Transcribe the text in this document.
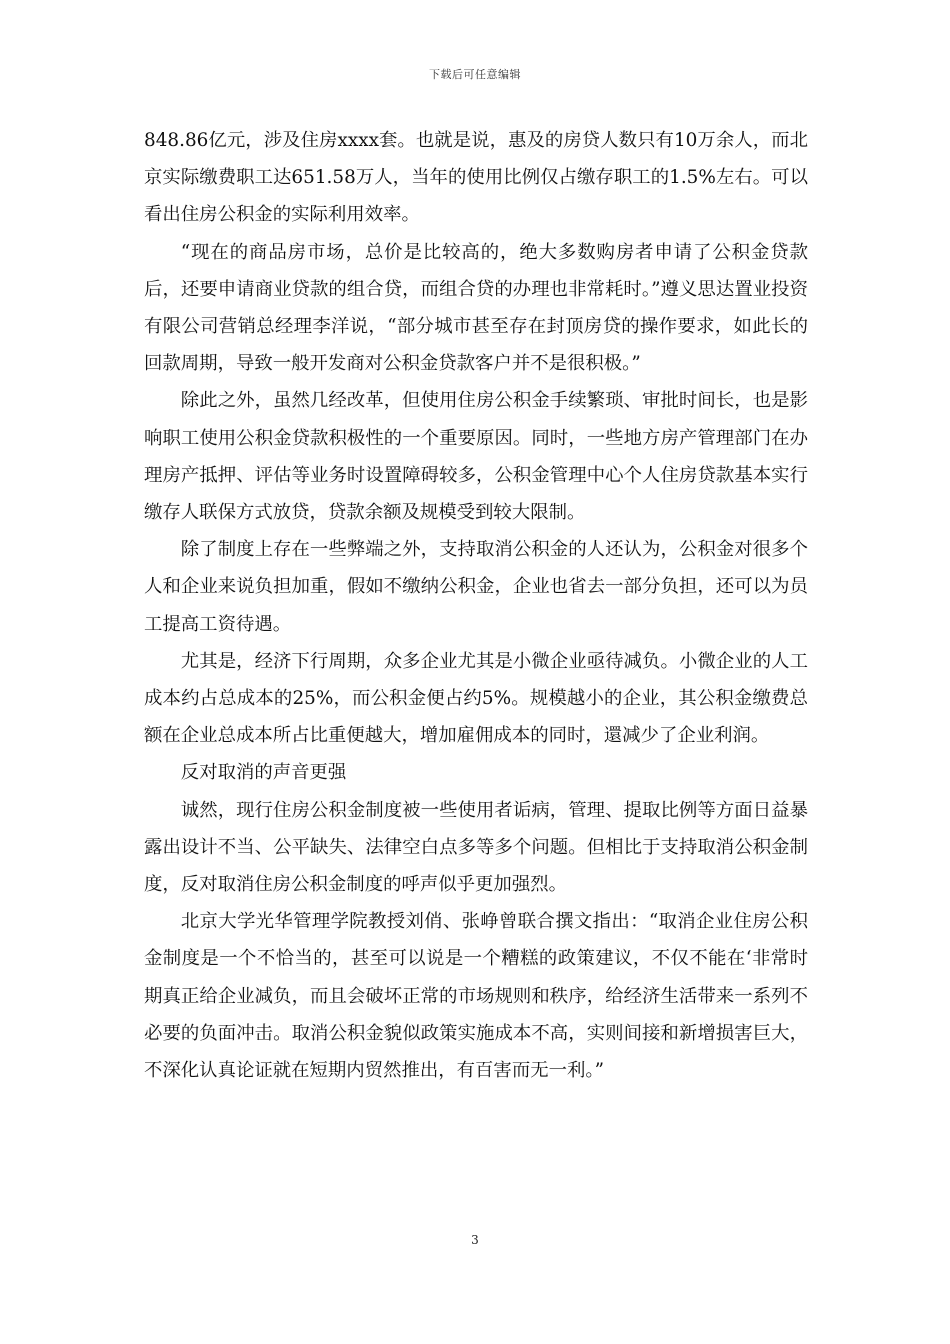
下载后可任意编辑

848.86亿元，涉及住房xxxx套。也就是说，惠及的房贷人数只有10万余人，而北京实际缴费职工达651.58万人，当年的使用比例仅占缴存职工的1.5%左右。可以看出住房公积金的实际利用效率。

“现在的商品房市场，总价是比较高的，绝大多数购房者申请了公积金贷款后，还要申请商业贷款的组合贷，而组合贷的办理也非常耗时。”遵义思达置业投资有限公司营销总经理李洋说，“部分城市甚至存在封顶房贷的操作要求，如此长的回款周期，导致一般开发商对公积金贷款客户并不是很积极。”

除此之外，虽然几经改革，但使用住房公积金手续繁琐、审批时间长，也是影响职工使用公积金贷款积极性的一个重要原因。同时，一些地方房产管理部门在办理房产抵押、评估等业务时设置障碍较多，公积金管理中心个人住房贷款基本实行缴存人联保方式放贷，贷款余额及规模受到较大限制。

除了制度上存在一些弊端之外，支持取消公积金的人还认为，公积金对很多个人和企业来说负担加重，假如不缴纳公积金，企业也省去一部分负担，还可以为员工提高工资待遇。

尤其是，经济下行周期，众多企业尤其是小微企业亟待减负。小微企业的人工成本约占总成本的25%，而公积金便占约5%。规模越小的企业，其公积金缴费总额在企业总成本所占比重便越大，增加雇佣成本的同时，還减少了企业利润。

反对取消的声音更强

诚然，现行住房公积金制度被一些使用者诟病，管理、提取比例等方面日益暴露出设计不当、公平缺失、法律空白点多等多个问题。但相比于支持取消公积金制度，反对取消住房公积金制度的呼声似乎更加强烈。

北京大学光华管理学院教授刘俏、张峥曾联合撰文指出：“取消企业住房公积金制度是一个不恰当的，甚至可以说是一个糟糕的政策建议，不仅不能在‘非常时期真正给企业减负，而且会破坏正常的市场规则和秩序，给经济生活带来一系列不必要的负面冲击。取消公积金貌似政策实施成本不高，实则间接和新增损害巨大，不深化认真论证就在短期内贸然推出，有百害而无一利。”

3
